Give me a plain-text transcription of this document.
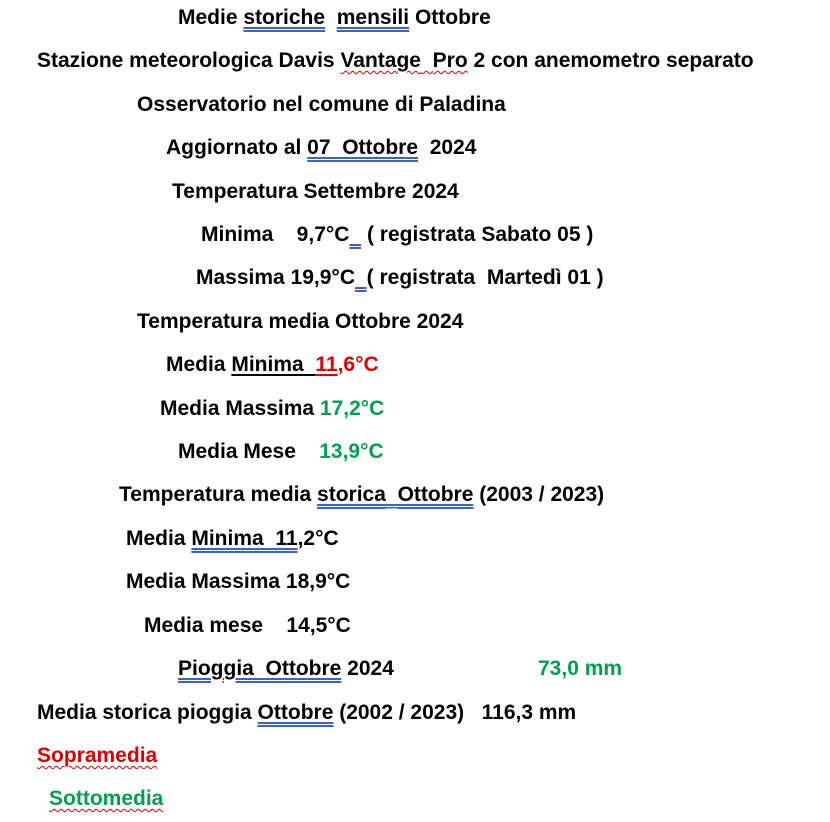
Medie storiche mensili Ottobre
Stazione meteorologica Davis Vantage Pro 2 con anemometro separato
Osservatorio nel comune di Paladina
Aggiornato al 07  Ottobre  2024
Temperatura Settembre 2024
Minima    9,7°C   ( registrata Sabato 05 )
Massima 19,9°C ( registrata  Martedì 01 )
Temperatura media Ottobre 2024
Media Minima 11,6°C
Media Massima 17,2°C
Media Mese    13,9°C
Temperatura media storica Ottobre (2003 / 2023)
Media Minima  11,2°C
Media Massima 18,9°C
Media mese    14,5°C
Pioggia Ottobre 2024	73,0 mm
Media storica pioggia Ottobre (2002 / 2023)   116,3 mm
Sopramedia
Sottomedia
